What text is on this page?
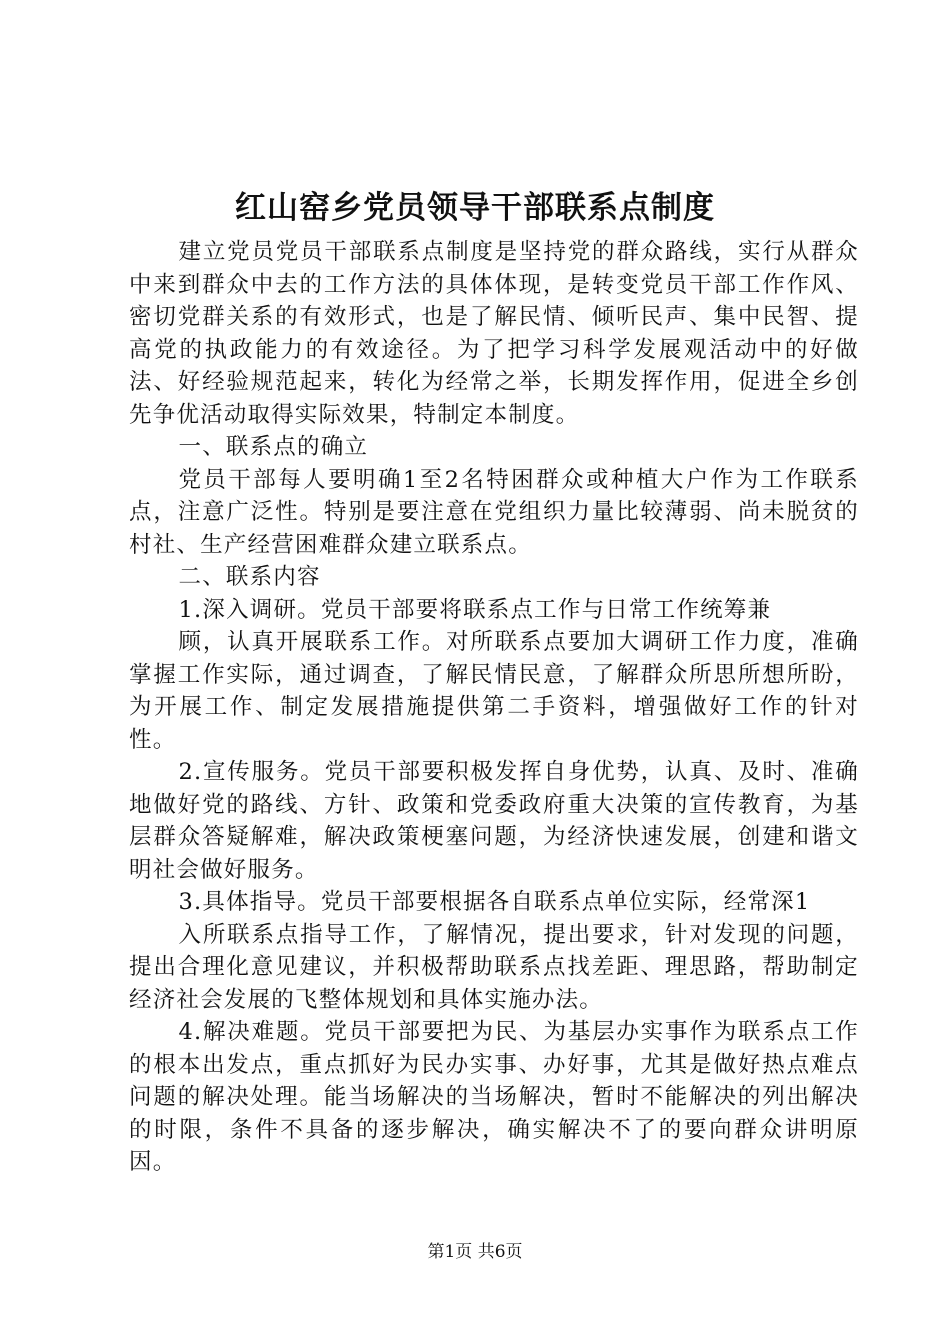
红山窑乡党员领导干部联系点制度

建立党员党员干部联系点制度是坚持党的群众路线，实行从群众中来到群众中去的工作方法的具体体现，是转变党员干部工作作风、密切党群关系的有效形式，也是了解民情、倾听民声、集中民智、提高党的执政能力的有效途径。为了把学习科学发展观活动中的好做法、好经验规范起来，转化为经常之举，长期发挥作用，促进全乡创先争优活动取得实际效果，特制定本制度。

一、联系点的确立

党员干部每人要明确1至2名特困群众或种植大户作为工作联系点，注意广泛性。特别是要注意在党组织力量比较薄弱、尚未脱贫的村社、生产经营困难群众建立联系点。

二、联系内容

1.深入调研。党员干部要将联系点工作与日常工作统筹兼

顾，认真开展联系工作。对所联系点要加大调研工作力度，准确掌握工作实际，通过调查，了解民情民意，了解群众所思所想所盼，为开展工作、制定发展措施提供第二手资料，增强做好工作的针对性。

2.宣传服务。党员干部要积极发挥自身优势，认真、及时、准确地做好党的路线、方针、政策和党委政府重大决策的宣传教育，为基层群众答疑解难，解决政策梗塞问题，为经济快速发展，创建和谐文明社会做好服务。

3.具体指导。党员干部要根据各自联系点单位实际，经常深1

入所联系点指导工作，了解情况，提出要求，针对发现的问题，提出合理化意见建议，并积极帮助联系点找差距、理思路，帮助制定经济社会发展的飞整体规划和具体实施办法。

4.解决难题。党员干部要把为民、为基层办实事作为联系点工作的根本出发点，重点抓好为民办实事、办好事，尤其是做好热点难点问题的解决处理。能当场解决的当场解决，暂时不能解决的列出解决的时限，条件不具备的逐步解决，确实解决不了的要向群众讲明原因。

第1页 共6页
